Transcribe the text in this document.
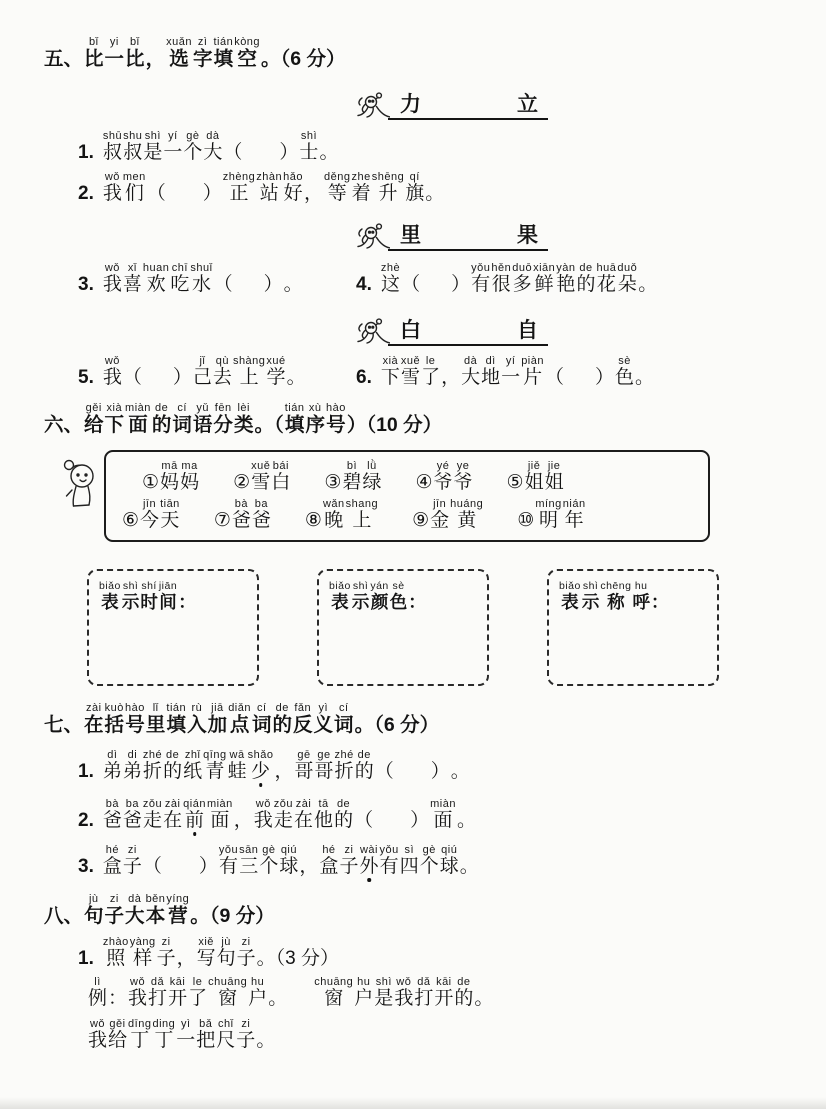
五、比bǐ一yi比bǐ， 选xuǎn字zì填tián空kòng。（6 分）
力	立
1. 叔shū叔shu是shì一yí个gè大dà（ ）士shì。
2. 我wǒ们men（ ） 正zhèng站zhàn好hǎo， 等děng着zhe升shēng旗qí。
里	果
3. 我wǒ喜xǐ欢huan吃chī水shuǐ（ ）。	4. 这zhè（ ）有yǒu很hěn多duō鲜xiān艳yàn的de花huā朵duǒ。
白	自
5. 我wǒ（ ）己jǐ去qù上shàng学xué。	6. 下xià雪xuě了le，大dà地dì一yí片piàn（ ）色sè。
六、给gěi下xià面miàn的de词cí语yǔ分fēn类lèi。（填tián序xù号hào）（10 分）
①妈mā妈ma
②雪xuě白bái
③碧bì绿lǜ
④爷yé爷ye
⑤姐jiě姐jie
⑥今jīn天tiān
⑦爸bà爸ba
⑧ 晚wǎn上shang
⑨金jīn黄huáng
⑩ 明míng年nián
表biǎo示shì时shí间jiān：	表biǎo示shì颜yán色sè：	表biǎo示shì称chēng呼hu：
七、在zài括kuò号hào里lǐ填tián入rù加jiā点diǎn词cí的de反fǎn义yì词cí。（6 分）
1. 弟dì弟di折zhé的de纸zhǐ青qīng蛙wā少shǎo，哥gē哥ge折zhé的de（ ）。
2. 爸bà爸ba走zǒu在zài前qián面miàn，我wǒ走zǒu在zài他tā的de（ ） 面miàn。
3. 盒hé子zi（ ）有yǒu三sān个gè球qiú，盒hé子zi外wài有yǒu四sì个gè球qiú。
八、句jù子zi大dà本běn营yíng。（9 分）
1. 照zhào样yàng子zi，写xiě句jù子zi。（3 分）
例lì：我wǒ打dǎ开kāi了le窗chuāng户hu。 窗chuāng户hu是shì我wǒ打dǎ开kāi的de。
我wǒ给gěi丁dīng丁ding一yì把bǎ尺chǐ子zi。
